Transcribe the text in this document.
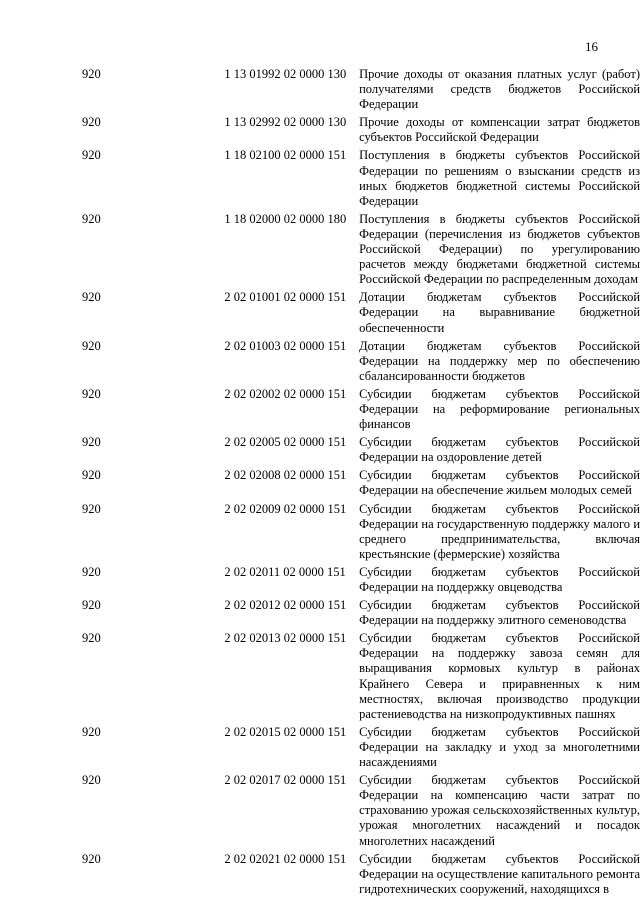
16
920	1 13 01992 02 0000 130	Прочие доходы от оказания платных услуг (работ) получателями средств бюджетов Российской Федерации
920	1 13 02992 02 0000 130	Прочие доходы от компенсации затрат бюджетов субъектов Российской Федерации
920	1 18 02100 02 0000 151	Поступления в бюджеты субъектов Российской Федерации по решениям о взыскании средств из иных бюджетов бюджетной системы Российской Федерации
920	1 18 02000 02 0000 180	Поступления в бюджеты субъектов Российской Федерации (перечисления из бюджетов субъектов Российской Федерации) по урегулированию расчетов между бюджетами бюджетной системы Российской Федерации по распределенным доходам
920	2 02 01001 02 0000 151	Дотации бюджетам субъектов Российской Федерации на выравнивание бюджетной обеспеченности
920	2 02 01003 02 0000 151	Дотации бюджетам субъектов Российской Федерации на поддержку мер по обеспечению сбалансированности бюджетов
920	2 02 02002 02 0000 151	Субсидии бюджетам субъектов Российской Федерации на реформирование региональных финансов
920	2 02 02005 02 0000 151	Субсидии бюджетам субъектов Российской Федерации на оздоровление детей
920	2 02 02008 02 0000 151	Субсидии бюджетам субъектов Российской Федерации на обеспечение жильем молодых семей
920	2 02 02009 02 0000 151	Субсидии бюджетам субъектов Российской Федерации на государственную поддержку малого и среднего предпринимательства, включая крестьянские (фермерские) хозяйства
920	2 02 02011 02 0000 151	Субсидии бюджетам субъектов Российской Федерации на поддержку овцеводства
920	2 02 02012 02 0000 151	Субсидии бюджетам субъектов Российской Федерации на поддержку элитного семеноводства
920	2 02 02013 02 0000 151	Субсидии бюджетам субъектов Российской Федерации на поддержку завоза семян для выращивания кормовых культур в районах Крайнего Севера и приравненных к ним местностях, включая производство продукции растениеводства на низкопродуктивных пашнях
920	2 02 02015 02 0000 151	Субсидии бюджетам субъектов Российской Федерации на закладку и уход за многолетними насаждениями
920	2 02 02017 02 0000 151	Субсидии бюджетам субъектов Российской Федерации на компенсацию части затрат по страхованию урожая сельскохозяйственных культур, урожая многолетних насаждений и посадок многолетних насаждений
920	2 02 02021 02 0000 151	Субсидии бюджетам субъектов Российской Федерации на осуществление капитального ремонта гидротехнических сооружений, находящихся в
